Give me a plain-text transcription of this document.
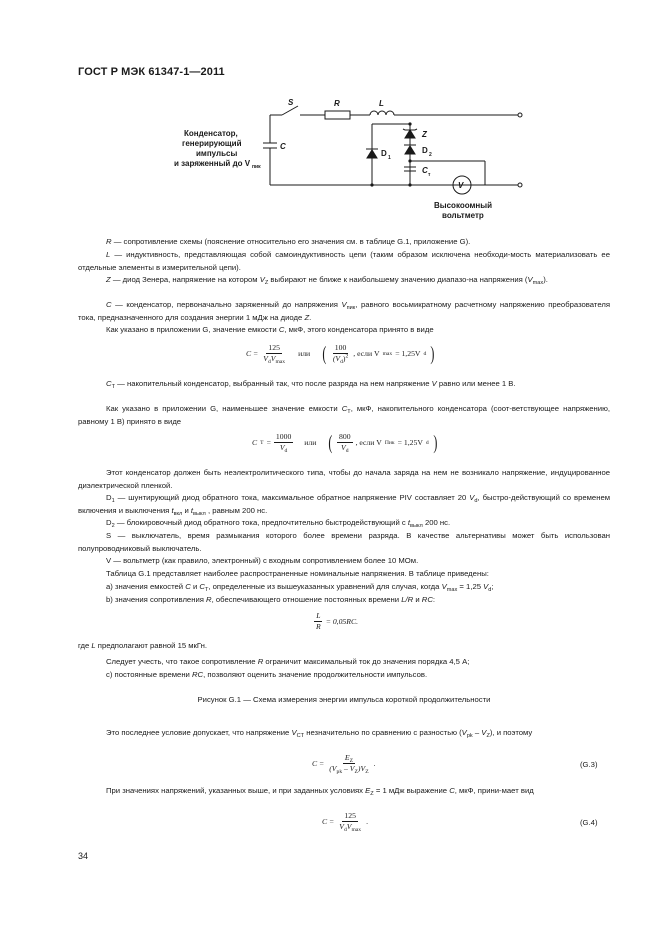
ГОСТ Р МЭК 61347-1—2011
Конденсатор,
генерирующий
импульсы
и заряженный до V пик
C
S	R	L
Z
D 1
D 2
C т
V
Высокоомный
вольтметр

R — сопротивление схемы (пояснение относительно его значения см. в таблице G.1, приложение G).

L — индуктивность, представляющая собой самоиндуктивность цепи (таким образом исключена необходи-мость материализовать ее отдельные элементы в измерительной цепи).

Z — диод Зенера, напряжение на котором $V_Z$ выбирают не ближе к наибольшему значению диапазо-на напряжения $(V_{max})$.

C — конденсатор, первоначально заряженный до напряжения $V_{пик}$, равного восьмикратному расчетному напряжению преобразователя тока, предназначенного для создания энергии 1 мДж на диоде Z.

Как указано в приложении G, значение емкости C, мкФ, этого конденсатора принято в виде

$C = \frac{125}{V_dV_{max}}$ или ( $\frac{100}{(V_d)^2}$ , если V max = 1,25V d )

$C_T$ — накопительный конденсатор, выбранный так, что после разряда на нем напряжение V равно или менее 1 В.

Как указано в приложении G, наименьшее значение емкости $C_T$, мкФ, накопительного конденсатора (соот-ветствующее напряжению, равному 1 В) принято в виде

C $T = \frac{1000}{V_d}$ или ( $\frac{800}{V_d}$ , если V Пик = 1,25V d )

Этот конденсатор должен быть неэлектролитического типа, чтобы до начала заряда на нем не возникало напряжение, индуцированное диэлектрической пленкой.

$D_1$ — шунтирующий диод обратного тока, максимальное обратное напряжение PIV составляет 20 $V_d$, быстро-действующий со временем включения и выключения $t_{вкл}$ и $t_{выкл}$ , равным 200 нс.

$D_2$ — блокировочный диод обратного тока, предпочтительно быстродействующий с $t_{выкл}$ 200 нс.

S — выключатель, время размыкания которого более времени разряда. В качестве альтернативы может быть использован полупроводниковый выключатель.

V — вольтметр (как правило, электронный) с входным сопротивлением более 10 МОм.

Таблица G.1 представляет наиболее распространенные номинальные напряжения. В таблице приведены:

a) значения емкостей C и $C_T$, определенные из вышеуказанных уравнений для случая, когда $V_{max} = 1,25$ $V_d$;

b) значения сопротивления R, обеспечивающего отношение постоянных времени L/R и RC:

$\frac{L}{R} = 0,05RC$.

где L предполагают равной 15 мкГн.

Следует учесть, что такое сопротивление R ограничит максимальный ток до значения порядка 4,5 А;

c) постоянные времени RC, позволяют оценить значение продолжительности импульсов.

Рисунок G.1 — Схема измерения энергии импульса короткой продолжительности

Это последнее условие допускает, что напряжение $V_{CT}$ незначительно по сравнению с разностью $(V_{pk} - V_Z)$, и поэтому

$C = \frac{E_Z}{(V_{pk} - V_Z)V_Z}$ .	(G.3)

При значениях напряжений, указанных выше, и при заданных условиях $E_Z = 1$ мДж выражение C, мкФ, прини-мает вид

$C = \frac{125}{V_dV_{max}}$ .	(G.4)
34
